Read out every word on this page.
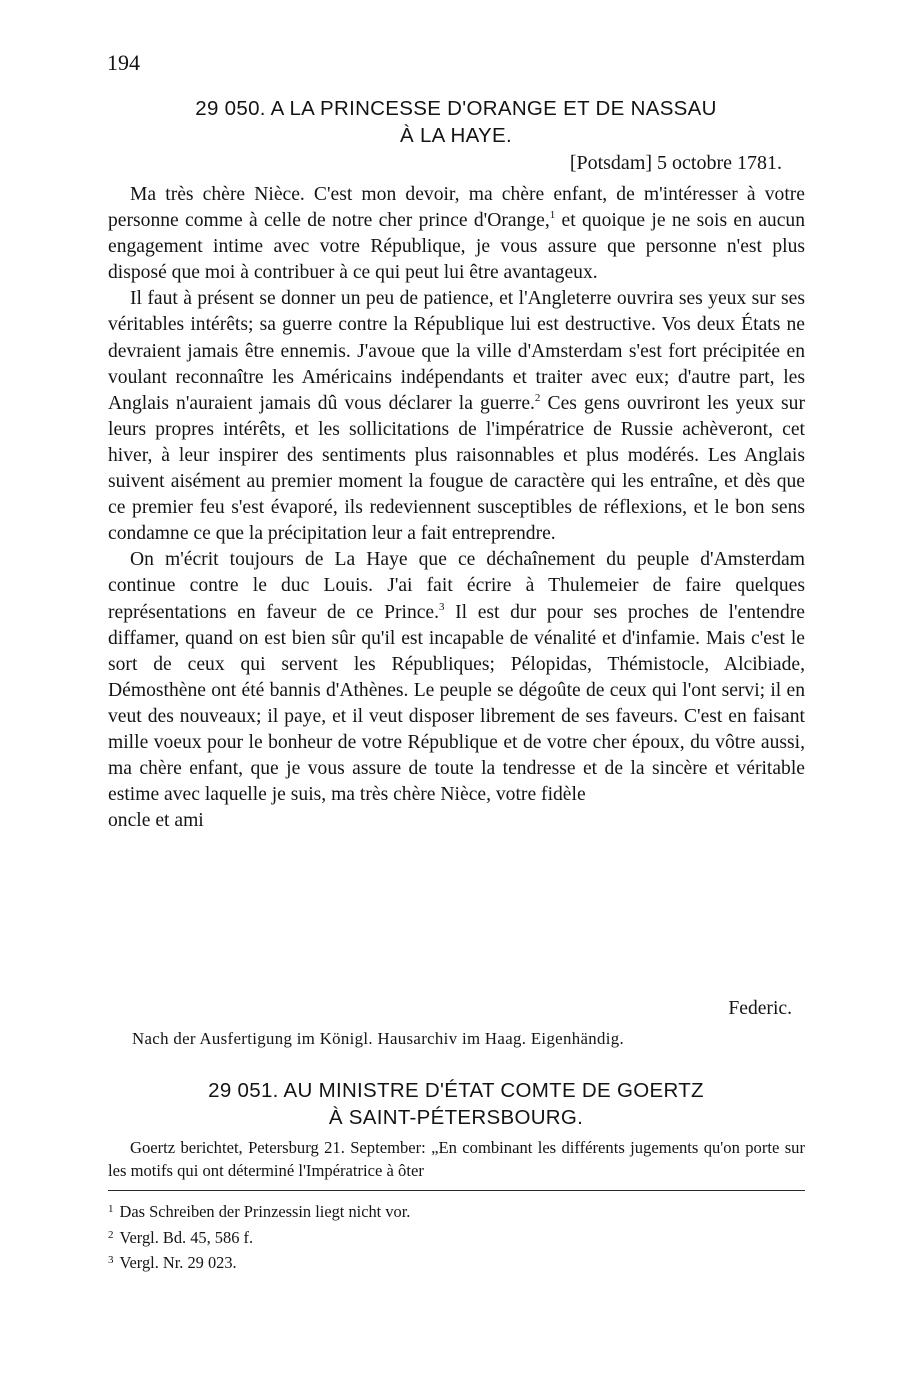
194
29 050. A LA PRINCESSE D'ORANGE ET DE NASSAU
À LA HAYE.
[Potsdam] 5 octobre 1781.

Ma très chère Nièce. C'est mon devoir, ma chère enfant, de m'intéresser à votre personne comme à celle de notre cher prince d'Orange,$^1$ et quoique je ne sois en aucun engagement intime avec votre République, je vous assure que personne n'est plus disposé que moi à contribuer à ce qui peut lui être avantageux.

Il faut à présent se donner un peu de patience, et l'Angleterre ouvrira ses yeux sur ses véritables intérêts; sa guerre contre la République lui est destructive. Vos deux États ne devraient jamais être ennemis. J'avoue que la ville d'Amsterdam s'est fort précipitée en voulant reconnaître les Américains indépendants et traiter avec eux; d'autre part, les Anglais n'auraient jamais dû vous déclarer la guerre.$^2$ Ces gens ouvriront les yeux sur leurs propres intérêts, et les sollicitations de l'impératrice de Russie achèveront, cet hiver, à leur inspirer des sentiments plus raisonnables et plus modérés. Les Anglais suivent aisément au premier moment la fougue de caractère qui les entraîne, et dès que ce premier feu s'est évaporé, ils redeviennent susceptibles de réflexions, et le bon sens condamne ce que la précipitation leur a fait entreprendre.

On m'écrit toujours de La Haye que ce déchaînement du peuple d'Amsterdam continue contre le duc Louis. J'ai fait écrire à Thulemeier de faire quelques représentations en faveur de ce Prince.$^3$ Il est dur pour ses proches de l'entendre diffamer, quand on est bien sûr qu'il est incapable de vénalité et d'infamie. Mais c'est le sort de ceux qui servent les Républiques; Pélopidas, Thémistocle, Alcibiade, Démosthène ont été bannis d'Athènes. Le peuple se dégoûte de ceux qui l'ont servi; il en veut des nouveaux; il paye, et il veut disposer librement de ses faveurs. C'est en faisant mille voeux pour le bonheur de votre République et de votre cher époux, du vôtre aussi, ma chère enfant, que je vous assure de toute la tendresse et de la sincère et véritable estime avec laquelle je suis, ma très chère Nièce, votre fidèle

oncle et ami

Federic.
Nach der Ausfertigung im Königl. Hausarchiv im Haag. Eigenhändig.
29 051. AU MINISTRE D'ÉTAT COMTE DE GOERTZ
À SAINT-PÉTERSBOURG.

Goertz berichtet, Petersburg 21. September: „En combinant les différents jugements qu'on porte sur les motifs qui ont déterminé l'Impératrice à ôter

$^1$ Das Schreiben der Prinzessin liegt nicht vor.
$^2$ Vergl. Bd. 45, 586 f.
$^3$ Vergl. Nr. 29 023.
